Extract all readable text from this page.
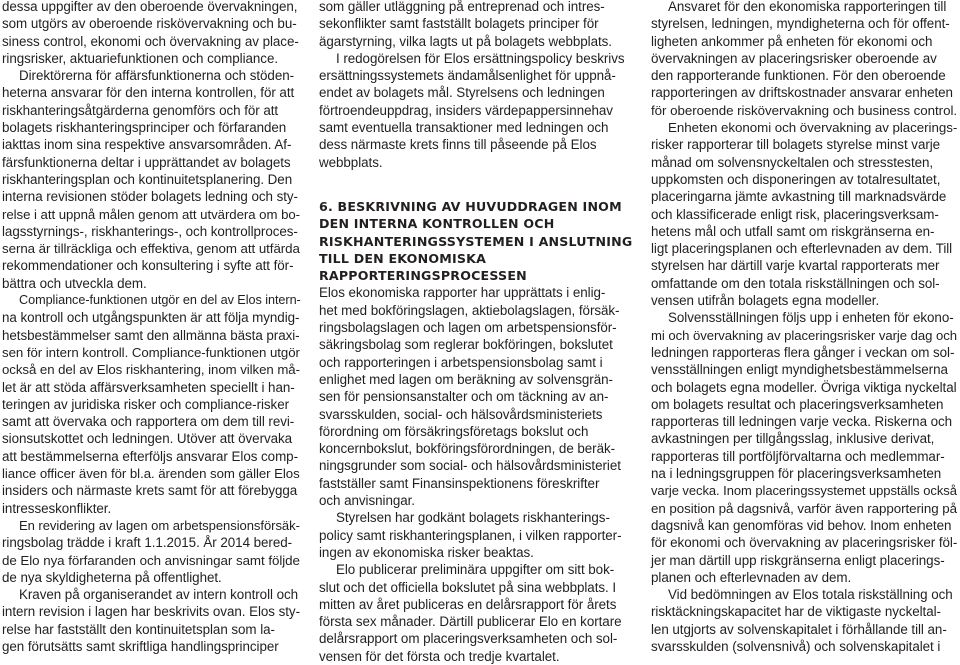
dessa uppgifter av den oberoende övervakningen,
som utgörs av oberoende riskövervakning och bu-
siness control, ekonomi och övervakning av place-
ringsrisker, aktuariefunktionen och compliance.

Direktörerna för affärsfunktionerna och stöden-
heterna ansvarar för den interna kontrollen, för att
riskhanteringsåtgärderna genomförs och för att
bolagets riskhanteringsprinciper och förfaranden
iakttas inom sina respektive ansvarsområden. Af-
färsfunktionerna deltar i upprättandet av bolagets
riskhanteringsplan och kontinuitetsplanering. Den
interna revisionen stöder bolagets ledning och sty-
relse i att uppnå målen genom att utvärdera om bo-
lagsstyrnings-, riskhanterings-, och kontrollproces-
serna är tillräckliga och effektiva, genom att utfärda
rekommendationer och konsultering i syfte att för-
bättra och utveckla dem.

Compliance-funktionen utgör en del av Elos intern-
na kontroll och utgångspunkten är att följa myndig-
hetsbestämmelser samt den allmänna bästa praxi-
sen för intern kontroll. Compliance-funktionen utgör
också en del av Elos riskhantering, inom vilken må-
let är att stöda affärsverksamheten speciellt i han-
teringen av juridiska risker och compliance-risker
samt att övervaka och rapportera om dem till revi-
sionsutskottet och ledningen. Utöver att övervaka
att bestämmelserna efterföljs ansvarar Elos comp-
liance officer även för bl.a. ärenden som gäller Elos
insiders och närmaste krets samt för att förebygga
intresseskonflikter.

En revidering av lagen om arbetspensionsförsäk-
ringsbolag trädde i kraft 1.1.2015. År 2014 bered-
de Elo nya förfaranden och anvisningar samt följde
de nya skyldigheterna på offentlighet.

Kraven på organiserandet av intern kontroll och
intern revision i lagen har beskrivits ovan. Elos sty-
relse har fastställt den kontinuitetsplan som la-
gen förutsätts samt skriftliga handlingsprinciper

som gäller utläggning på entreprenad och intres-
sekonflikter samt fastställt bolagets principer för
ägarstyrning, vilka lagts ut på bolagets webbplats.

I redogörelsen för Elos ersättningspolicy beskrivs
ersättningssystemets ändamålsenlighet för uppnå-
endet av bolagets mål. Styrelsens och ledningen
förtroendeuppdrag, insiders värdepappersinnehav
samt eventuella transaktioner med ledningen och
dess närmaste krets finns till påseende på Elos
webbplats.

6. BESKRIVNING AV HUVUDDRAGEN INOM
DEN INTERNA KONTROLLEN OCH
RISKHANTERINGSSYSTEMEN I ANSLUTNING
TILL DEN EKONOMISKA
RAPPORTERINGSPROCESSEN

Elos ekonomiska rapporter har upprättats i enlig-
het med bokföringslagen, aktiebolagslagen, försäk-
ringsbolagslagen och lagen om arbetspensionsför-
säkringsbolag som reglerar bokföringen, bokslutet
och rapporteringen i arbetspensionsbolag samt i
enlighet med lagen om beräkning av solvensgrän-
sen för pensionsanstalter och om täckning av an-
svarsskulden, social- och hälsovårdsministeriets
förordning om försäkringsföretags bokslut och
koncernbokslut, bokföringsförordningen, de beräk-
ningsgrunder som social- och hälsovårdsministeriet
fastställer samt Finansinspektionens föreskrifter
och anvisningar.

Styrelsen har godkänt bolagets riskhanterings-
policy samt riskhanteringsplanen, i vilken rapporter-
ingen av ekonomiska risker beaktas.

Elo publicerar preliminära uppgifter om sitt bok-
slut och det officiella bokslutet på sina webbplats. I
mitten av året publiceras en delårsrapport för årets
första sex månader. Därtill publicerar Elo en kortare
delårsrapport om placeringsverksamheten och sol-
vensen för det första och tredje kvartalet.

Ansvaret för den ekonomiska rapporteringen till
styrelsen, ledningen, myndigheterna och för offent-
ligheten ankommer på enheten för ekonomi och
övervakningen av placeringsrisker oberoende av
den rapporterande funktionen. För den oberoende
rapporteringen av driftskostnader ansvarar enheten
för oberoende riskövervakning och business control.

Enheten ekonomi och övervakning av placerings-
risker rapporterar till bolagets styrelse minst varje
månad om solvensnyckeltalen och stresstesten,
uppkomsten och disponeringen av totalresultatet,
placeringarna jämte avkastning till marknadsvärde
och klassificerade enligt risk, placeringsverksam-
hetens mål och utfall samt om riskgränserna en-
ligt placeringsplanen och efterlevnaden av dem. Till
styrelsen har därtill varje kvartal rapporterats mer
omfattande om den totala riskställningen och sol-
vensen utifrån bolagets egna modeller.

Solvensställningen följs upp i enheten för ekono-
mi och övervakning av placeringsrisker varje dag och
ledningen rapporteras flera gånger i veckan om sol-
vensställningen enligt myndighetsbestämmelserna
och bolagets egna modeller. Övriga viktiga nyckeltal
om bolagets resultat och placeringsverksamheten
rapporteras till ledningen varje vecka. Riskerna och
avkastningen per tillgångsslag, inklusive derivat,
rapporteras till portföljförvaltarna och medlemmar-
na i ledningsgruppen för placeringsverksamheten
varje vecka. Inom placeringssystemet uppställs också
en position på dagsnivå, varför även rapportering på
dagsnivå kan genomföras vid behov. Inom enheten
för ekonomi och övervakning av placeringsrisker föl-
jer man därtill upp riskgränserna enligt placerings-
planen och efterlevnaden av dem.

Vid bedömningen av Elos totala riskställning och
risktäckningskapacitet har de viktigaste nyckeltal-
len utgjorts av solvenskapitalet i förhållande till an-
svarsskulden (solvensnivå) och solvenskapitalet i
